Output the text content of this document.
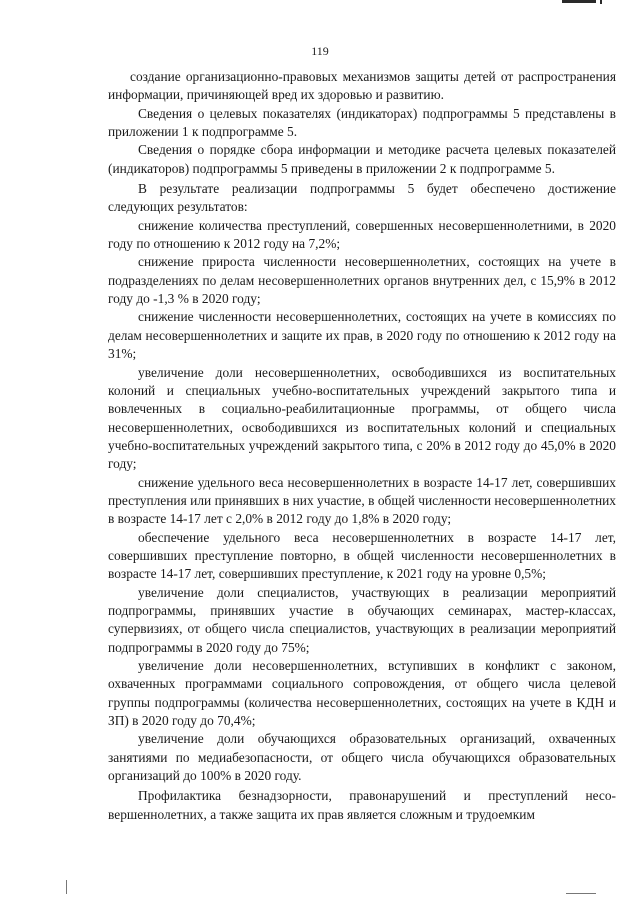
119

создание организационно-правовых механизмов защиты детей от распространения информации, причиняющей вред их здоровью и развитию.

Сведения о целевых показателях (индикаторах) подпрограммы 5 представлены в приложении 1 к подпрограмме 5.

Сведения о порядке сбора информации и методике расчета целевых показателей (индикаторов) подпрограммы 5 приведены в приложении 2 к подпрограмме 5.

В результате реализации подпрограммы 5 будет обеспечено достижение следующих результатов:

снижение количества преступлений, совершенных несовершеннолетними, в 2020 году по отношению к 2012 году на 7,2%;

снижение прироста численности несовершеннолетних, состоящих на учете в подразделениях по делам несовершеннолетних органов внутренних дел, с 15,9% в 2012 году до -1,3 % в 2020 году;

снижение численности несовершеннолетних, состоящих на учете в комиссиях по делам несовершеннолетних и защите их прав, в 2020 году по отношению к 2012 году на 31%;

увеличение доли несовершеннолетних, освободившихся из воспитательных колоний и специальных учебно-воспитательных учреждений закрытого типа и вовлеченных в социально-реабилитационные программы, от общего числа несовершеннолетних, освободившихся из воспитательных колоний и специальных учебно-воспитательных учреждений закрытого типа, с 20% в 2012 году до 45,0% в 2020 году;

снижение удельного веса несовершеннолетних в возрасте 14-17 лет, совершивших преступления или принявших в них участие, в общей численности несовершеннолетних в возрасте 14-17 лет с 2,0% в 2012 году до 1,8% в 2020 году;

обеспечение удельного веса несовершеннолетних в возрасте 14-17 лет, совершивших преступление повторно, в общей численности несовершеннолетних в возрасте 14-17 лет, совершивших преступление, к 2021 году на уровне 0,5%;

увеличение доли специалистов, участвующих в реализации мероприятий подпрограммы, принявших участие в обучающих семинарах, мастер-классах, супервизиях, от общего числа специалистов, участвующих в реализации мероприятий подпрограммы в 2020 году до 75%;

увеличение доли несовершеннолетних, вступивших в конфликт с законом, охваченных программами социального сопровождения, от общего числа целевой группы подпрограммы (количества несовершеннолетних, состоящих на учете в КДН и ЗП) в 2020 году до 70,4%;

увеличение доли обучающихся образовательных организаций, охваченных занятиями по медиабезопасности, от общего числа обучающихся образовательных организаций до 100% в 2020 году.

Профилактика безнадзорности, правонарушений и преступлений несовершеннолетних, а также защита их прав является сложным и трудоемким
